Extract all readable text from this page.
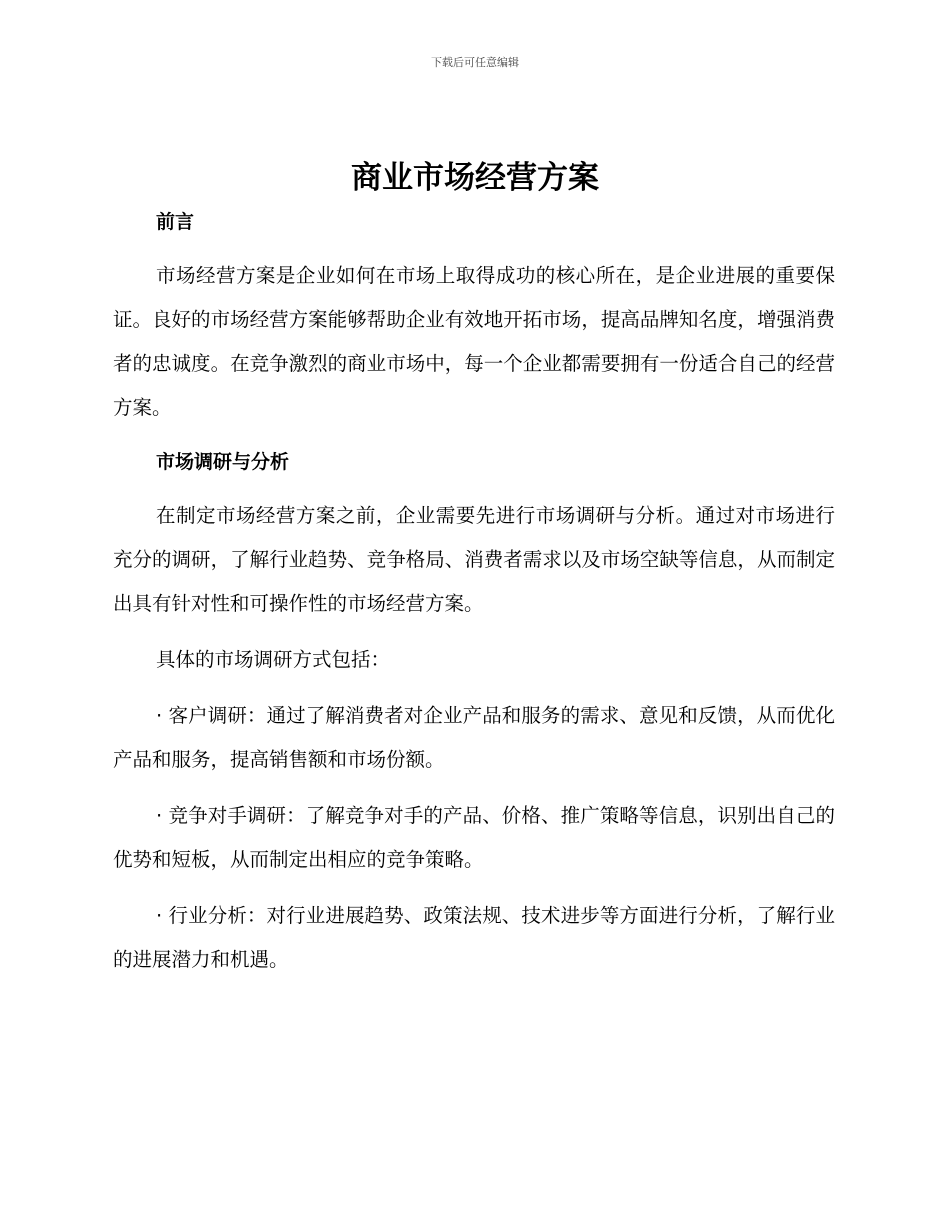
下载后可任意编辑
商业市场经营方案

前言

市场经营方案是企业如何在市场上取得成功的核心所在，是企业进展的重要保证。良好的市场经营方案能够帮助企业有效地开拓市场，提高品牌知名度，增强消费者的忠诚度。在竞争激烈的商业市场中，每一个企业都需要拥有一份适合自己的经营方案。

市场调研与分析

在制定市场经营方案之前，企业需要先进行市场调研与分析。通过对市场进行充分的调研，了解行业趋势、竞争格局、消费者需求以及市场空缺等信息，从而制定出具有针对性和可操作性的市场经营方案。

具体的市场调研方式包括：

· 客户调研：通过了解消费者对企业产品和服务的需求、意见和反馈，从而优化产品和服务，提高销售额和市场份额。

· 竞争对手调研：了解竞争对手的产品、价格、推广策略等信息，识别出自己的优势和短板，从而制定出相应的竞争策略。

· 行业分析：对行业进展趋势、政策法规、技术进步等方面进行分析，了解行业的进展潜力和机遇。
